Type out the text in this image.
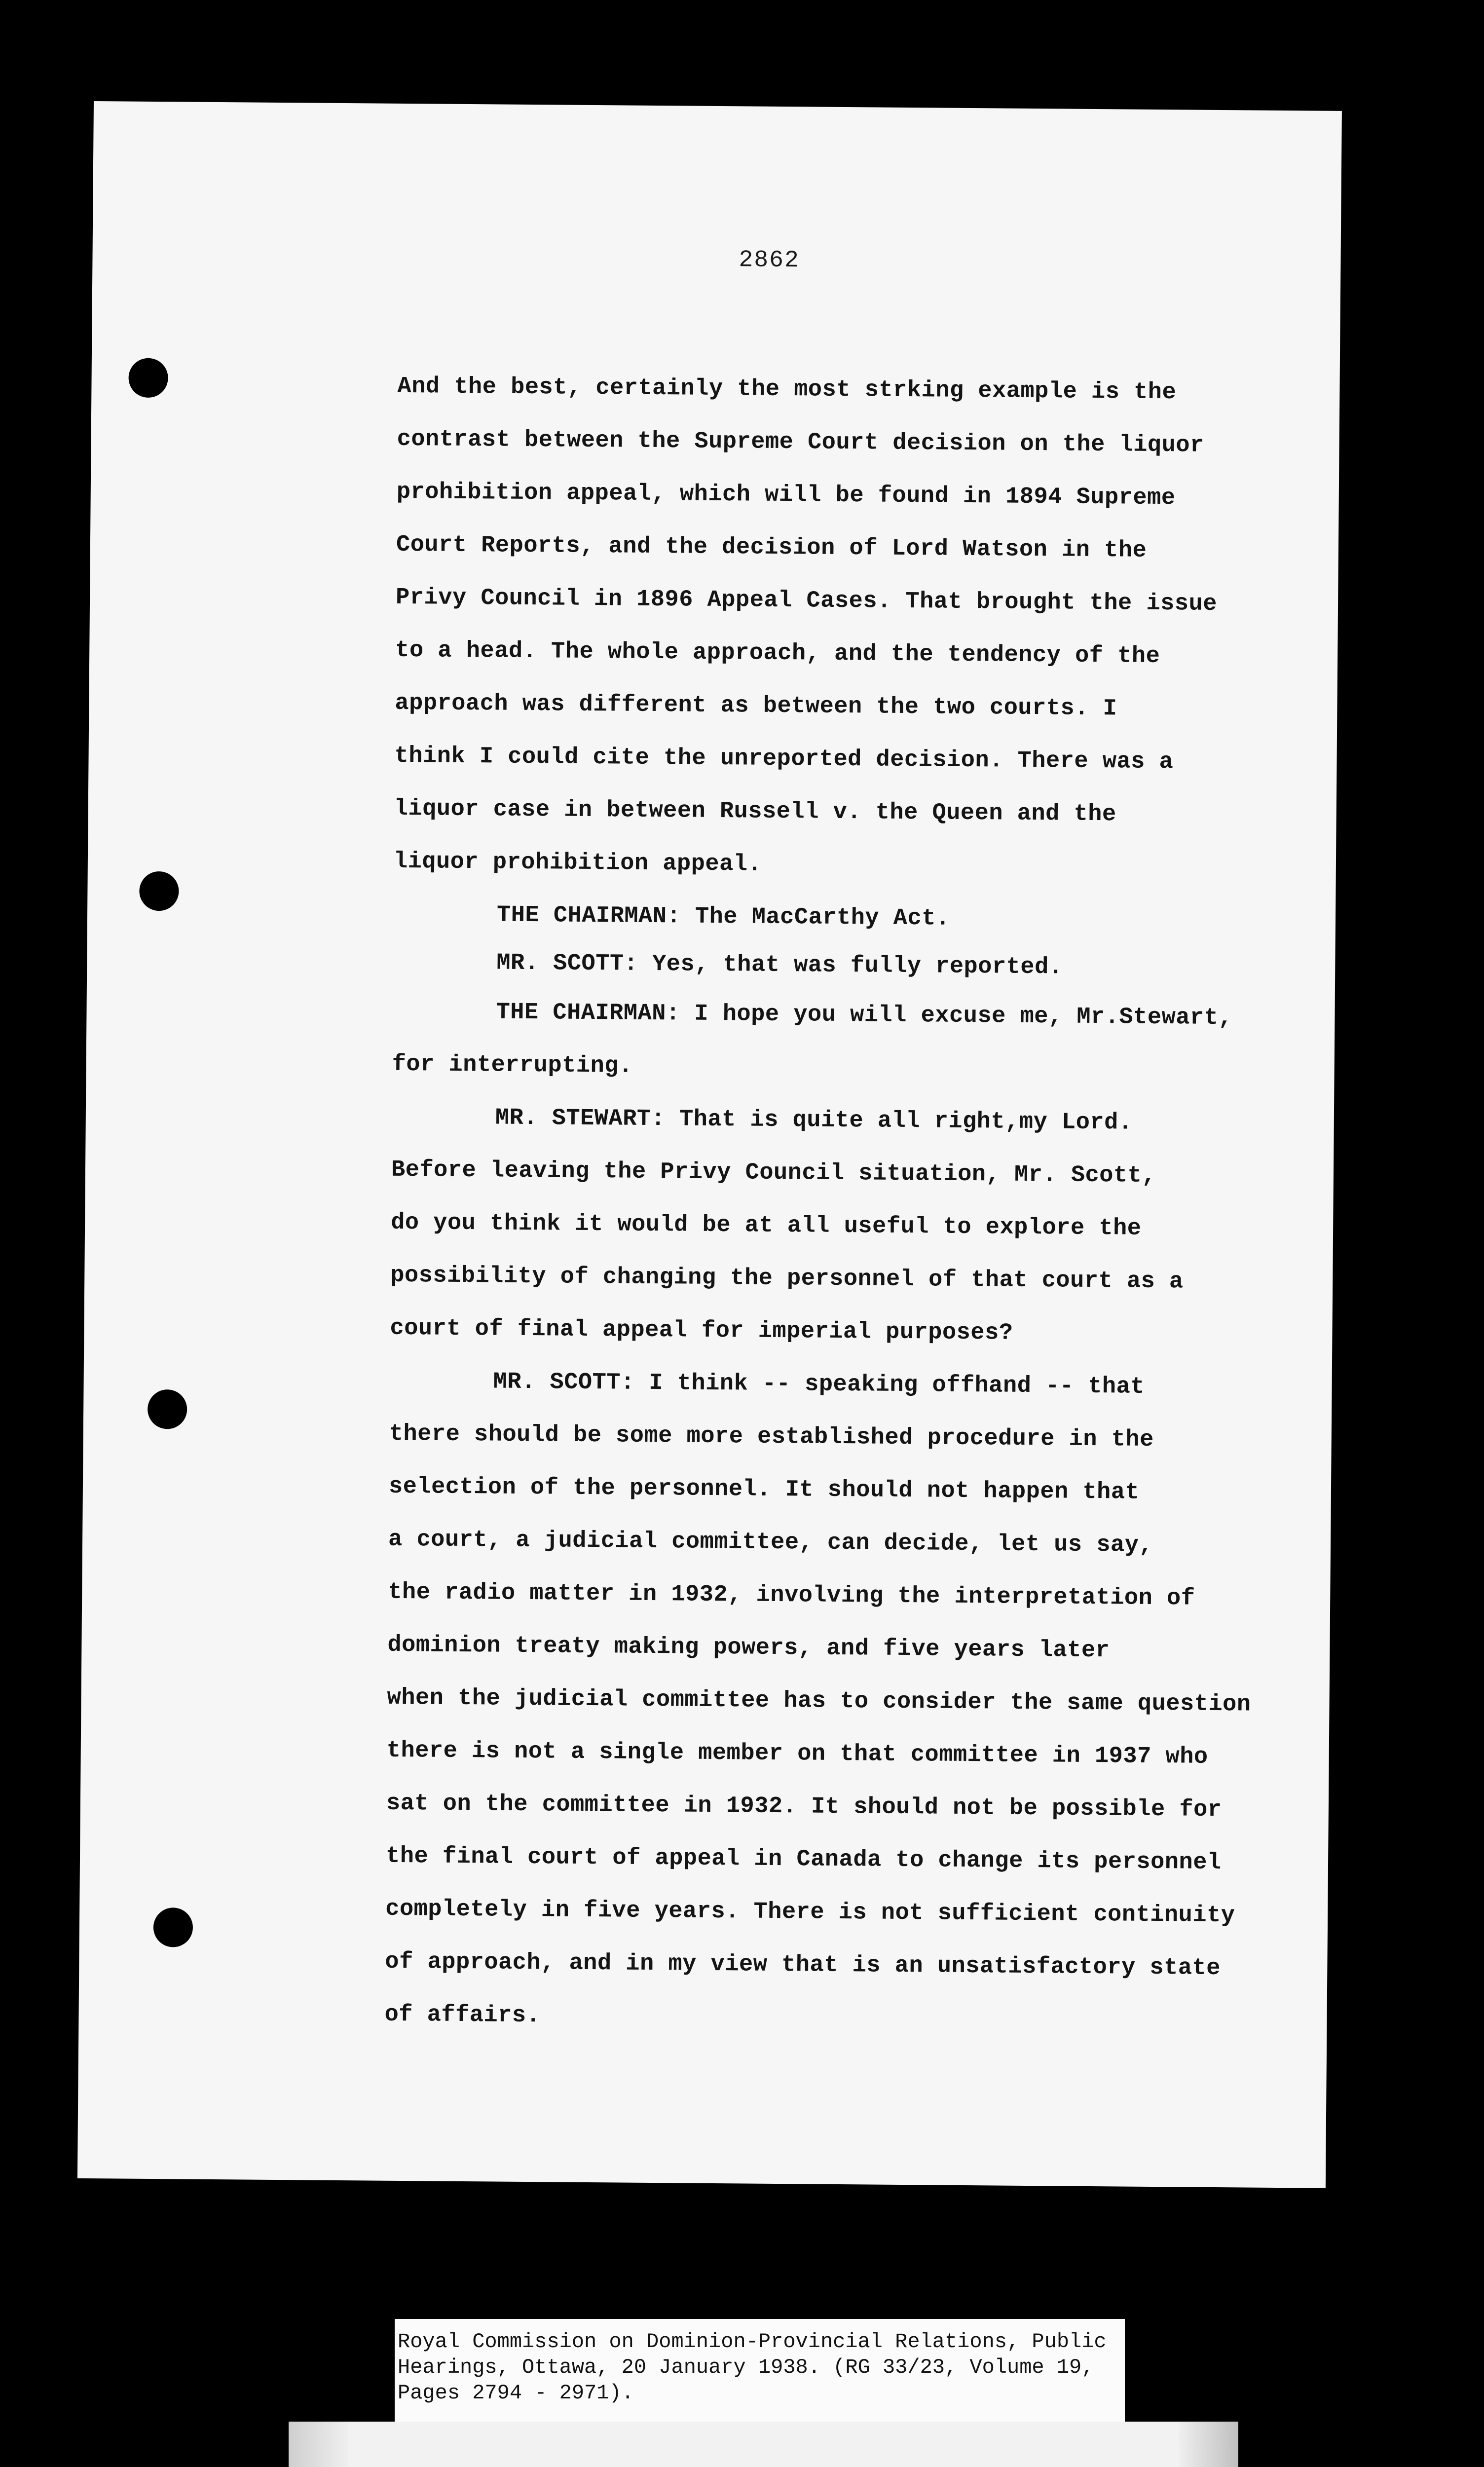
2862
And the best, certainly the most strking example is the
contrast between the Supreme Court decision on the liquor
prohibition appeal, which will be found in 1894 Supreme
Court Reports, and the decision of Lord Watson in the
Privy Council in 1896 Appeal Cases. That brought the issue
to a head. The whole approach, and the tendency of the
approach was different as between the two courts. I
think I could cite the unreported decision. There was a
liquor case in between Russell v. the Queen and the
liquor prohibition appeal.
THE CHAIRMAN: The MacCarthy Act.
MR. SCOTT: Yes, that was fully reported.
THE CHAIRMAN: I hope you will excuse me, Mr.Stewart,
for interrupting.
MR. STEWART: That is quite all right,my Lord.
Before leaving the Privy Council situation, Mr. Scott,
do you think it would be at all useful to explore the
possibility of changing the personnel of that court as a
court of final appeal for imperial purposes?
MR. SCOTT: I think -- speaking offhand -- that
there should be some more established procedure in the
selection of the personnel. It should not happen that
a court, a judicial committee, can decide, let us say,
the radio matter in 1932, involving the interpretation of
dominion treaty making powers, and five years later
when the judicial committee has to consider the same question
there is not a single member on that committee in 1937 who
sat on the committee in 1932. It should not be possible for
the final court of appeal in Canada to change its personnel
completely in five years. There is not sufficient continuity
of approach, and in my view that is an unsatisfactory state
of affairs.
Royal Commission on Dominion-Provincial Relations, Public
Hearings, Ottawa, 20 January 1938. (RG 33/23, Volume 19,
Pages 2794 - 2971).
